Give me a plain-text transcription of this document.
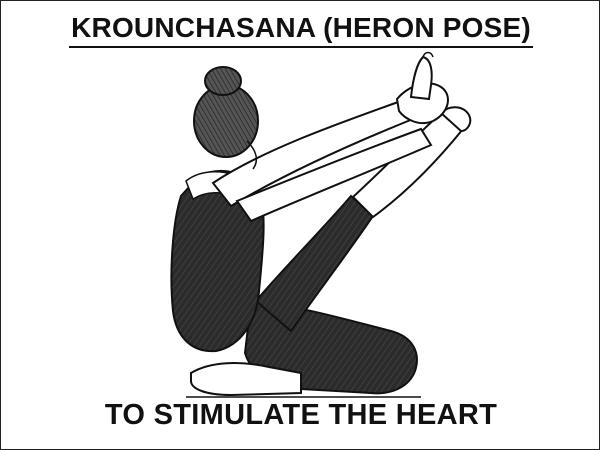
KROUNCHASANA (HERON POSE)
TO STIMULATE THE HEART
